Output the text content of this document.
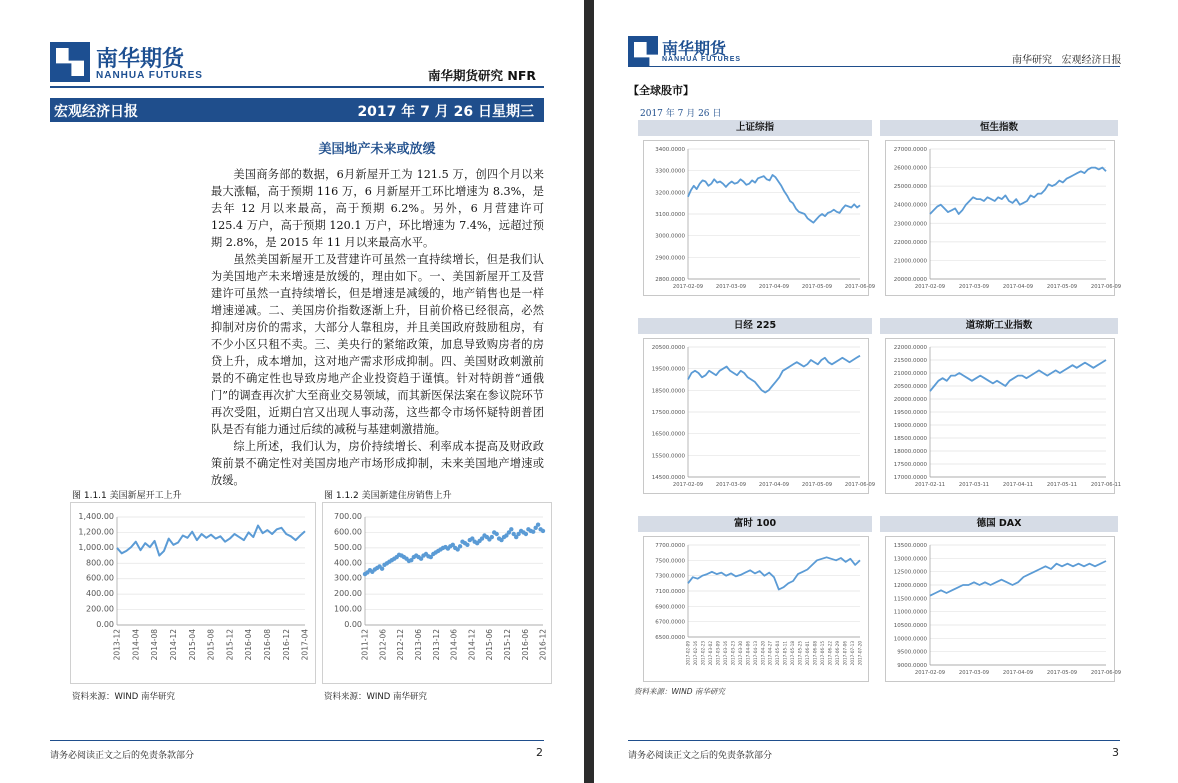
南华期货
NANHUA FUTURES	南华期货研究 NFR
宏观经济日报	2017 年 7 月 26 日星期三
美国地产未来或放缓

美国商务部的数据，6月新屋开工为 121.5 万，创四个月以来最大涨幅，高于预期 116 万，6 月新屋开工环比增速为 8.3%，是去年 12 月以来最高，高于预期 6.2%。另外，6 月营建许可 125.4 万户，高于预期 120.1 万户，环比增速为 7.4%，远超过预期 2.8%，是 2015 年 11 月以来最高水平。

虽然美国新屋开工及营建许可虽然一直持续增长，但是我们认为美国地产未来增速是放缓的，理由如下。一、美国新屋开工及营建许可虽然一直持续增长，但是增速是减缓的，地产销售也是一样增速递减。二、美国房价指数逐渐上升，目前价格已经很高，必然抑制对房价的需求，大部分人靠租房，并且美国政府鼓励租房，有不少小区只租不卖。三、美央行的紧缩政策，加息导致购房者的房贷上升，成本增加，这对地产需求形成抑制。四、美国财政刺激前景的不确定性也导致房地产企业投资趋于谨慎。针对特朗普“通俄门”的调查再次扩大至商业交易领域，而其新医保法案在参议院环节再次受阻，近期白宫又出现人事动荡，这些都令市场怀疑特朗普团队是否有能力通过后续的减税与基建刺激措施。

综上所述，我们认为，房价持续增长、利率成本提高及财政政策前景不确定性对美国房地产市场形成抑制，未来美国地产增速或放缓。

图 1.1.1 美国新屋开工上升	图 1.1.2 美国新建住房销售上升
0.00
200.00
400.00
600.00
800.00
1,000.00
1,200.00
1,400.00
2013-12 2014-04 2014-08 2014-12 2015-04 2015-08 2015-12 2016-04 2016-08 2016-12 2017-04
0.00
100.00
200.00
300.00
400.00
500.00
600.00
700.00
2011-12 2012-06 2012-12 2013-06 2013-12 2014-06 2014-12 2015-06 2015-12 2016-06 2016-12
资料来源：WIND 南华研究	资料来源：WIND 南华研究
请务必阅读正文之后的免责条款部分	2
南华期货
NANHUA FUTURES	南华研究   宏观经济日报
【全球股市】
2017 年 7 月 26 日
上证综指
2800.0000
2900.0000
3000.0000
3100.0000
3200.0000
3300.0000
3400.0000
2017-02-09 2017-03-09 2017-04-09 2017-05-09 2017-06-09
恒生指数
20000.0000
21000.0000
22000.0000
23000.0000
24000.0000
25000.0000
26000.0000
27000.0000
2017-02-09	2017-03-09	2017-04-09	2017-05-09	2017-06-09
日经 225
14500.0000
15500.0000
16500.0000
17500.0000
18500.0000
19500.0000
20500.0000
2017-02-09 2017-03-09 2017-04-09 2017-05-09 2017-06-09
道琼斯工业指数
17000.0000
17500.0000
18000.0000
18500.0000
19000.0000
19500.0000
20000.0000
20500.0000
21000.0000
21500.0000
22000.0000
2017-02-11	2017-03-11	2017-04-11	2017-05-11	2017-06-11
富时 100
6500.0000
6700.0000
6900.0000
7100.0000
7300.0000
7500.0000
7700.0000
2017-02-09 2017-02-16 2017-02-23 2017-03-02 2017-03-09 2017-03-16 2017-03-23 2017-03-30 2017-04-06 2017-04-13 2017-04-20 2017-04-27 2017-05-04 2017-05-11 2017-05-18 2017-05-25 2017-06-01 2017-06-08 2017-06-15 2017-06-22 2017-06-29 2017-07-06 2017-07-13 2017-07-20
德国 DAX
9000.0000
9500.0000
10000.0000
10500.0000
11000.0000
11500.0000
12000.0000
12500.0000
13000.0000
13500.0000
2017-02-09	2017-03-09	2017-04-09	2017-05-09	2017-06-09
资料来源：WIND 南华研究
请务必阅读正文之后的免责条款部分	3
